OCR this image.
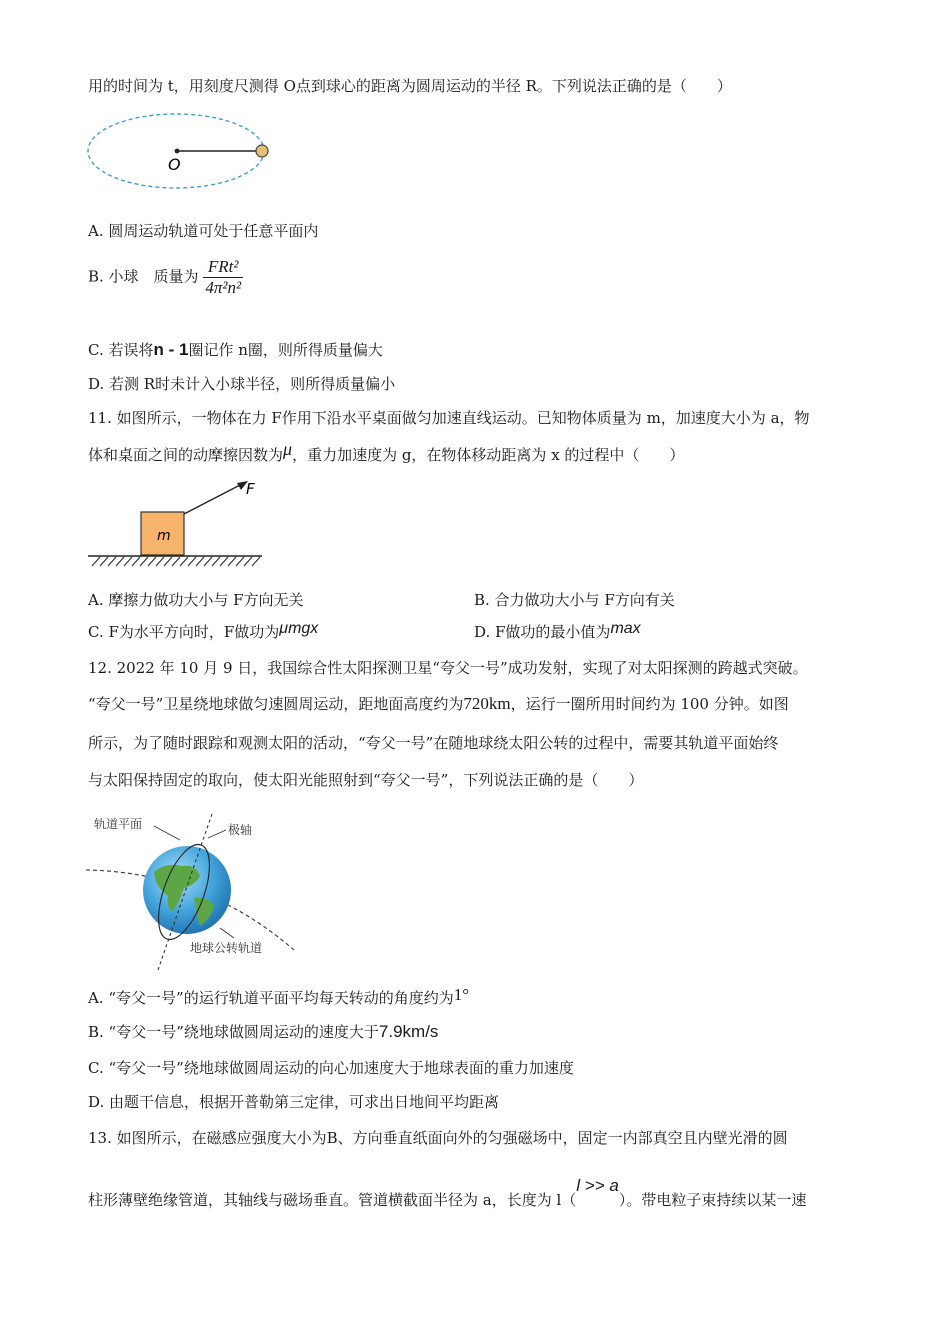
用的时间为 t，用刻度尺测得 O点到球心的距离为圆周运动的半径 R。下列说法正确的是（　　）
O
A. 圆周运动轨道可处于任意平面内
B. 小球　质量为 $\frac{\text{FRt²}}{\text{4π²n²}}$
C. 若误将n - 1圈记作 n圈，则所得质量偏大
D. 若测 R时未计入小球半径，则所得质量偏小
11. 如图所示，一物体在力 F作用下沿水平桌面做匀加速直线运动。已知物体质量为 m，加速度大小为 a，物
体和桌面之间的动摩擦因数为μ，重力加速度为 g，在物体移动距离为 x 的过程中（　　）
m
F
A. 摩擦力做功大小与 F方向无关	B. 合力做功大小与 F方向有关
C. F为水平方向时，F做功为μmgx	D. F做功的最小值为max
12. 2022 年 10 月 9 日，我国综合性太阳探测卫星“夸父一号”成功发射，实现了对太阳探测的跨越式突破。
“夸父一号”卫星绕地球做匀速圆周运动，距地面高度约为720km，运行一圈所用时间约为 100 分钟。如图
所示，为了随时跟踪和观测太阳的活动，“夸父一号”在随地球绕太阳公转的过程中，需要其轨道平面始终
与太阳保持固定的取向，使太阳光能照射到“夸父一号”，下列说法正确的是（　　）
轨道平面	极轴
地球公转轨道
A. “夸父一号”的运行轨道平面平均每天转动的角度约为1°
B. “夸父一号”绕地球做圆周运动的速度大于7.9km/s
C. “夸父一号”绕地球做圆周运动的向心加速度大于地球表面的重力加速度
D. 由题干信息，根据开普勒第三定律，可求出日地间平均距离
13. 如图所示，在磁感应强度大小为B、方向垂直纸面向外的匀强磁场中，固定一内部真空且内壁光滑的圆
柱形薄壁绝缘管道，其轴线与磁场垂直。管道横截面半径为 a，长度为 l（l >> a）。带电粒子束持续以某一速
